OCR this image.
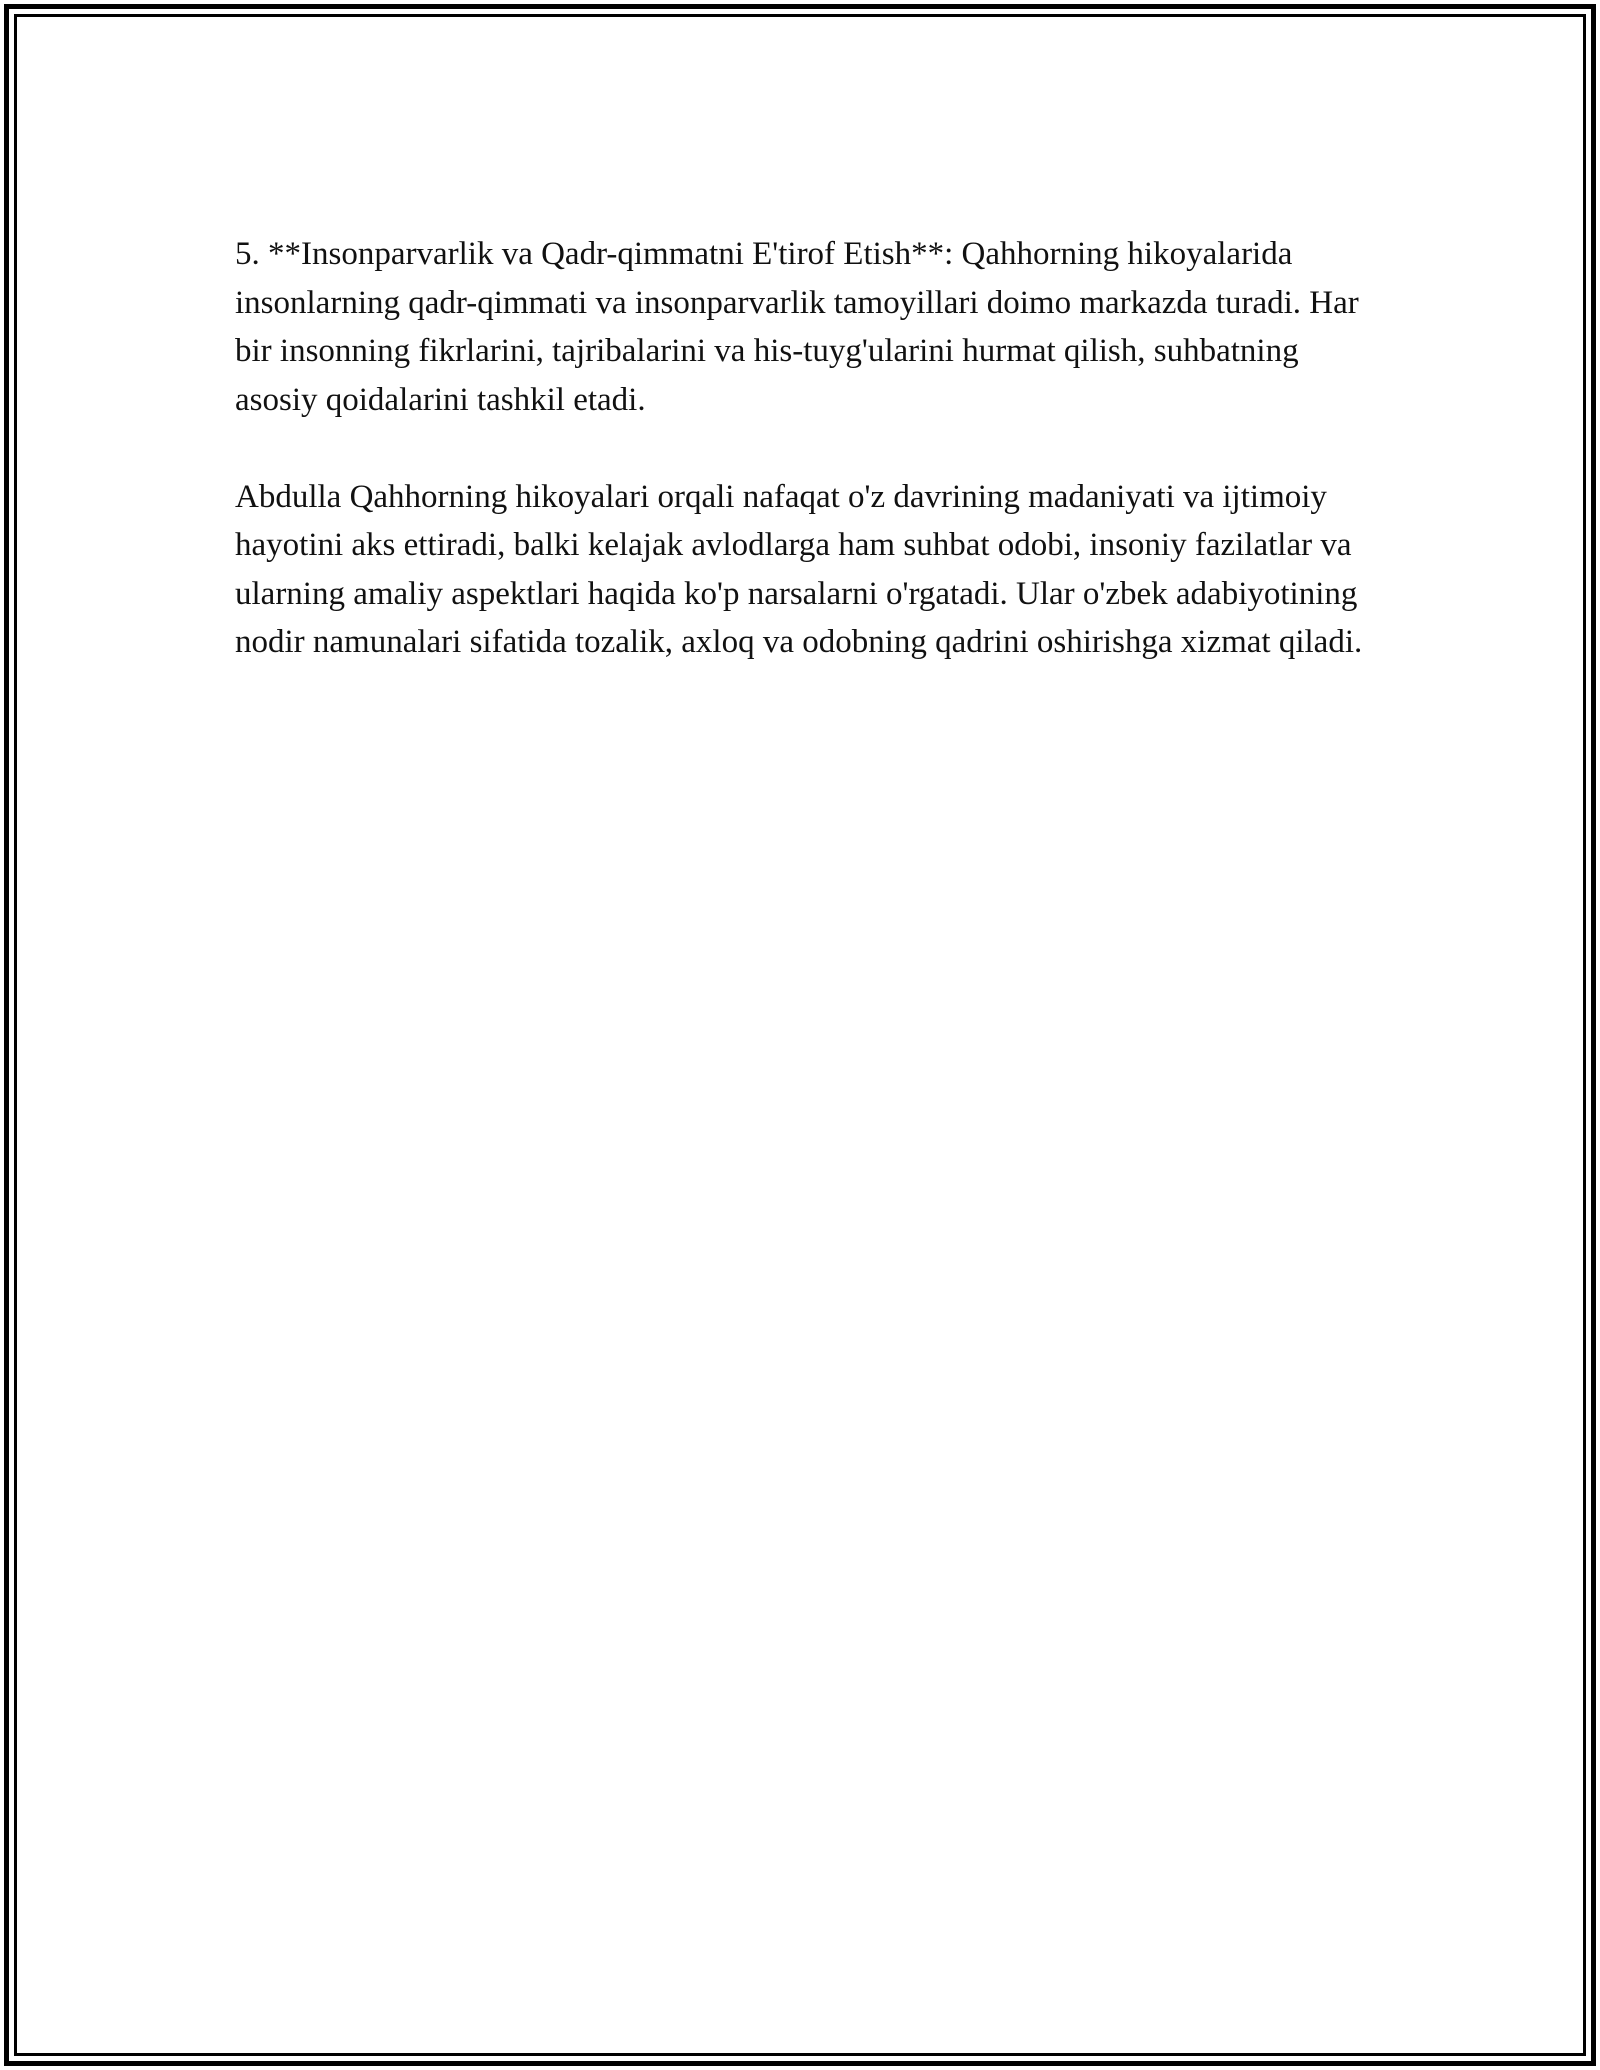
5. **Insonparvarlik va Qadr-qimmatni E'tirof Etish**: Qahhorning hikoyalarida insonlarning qadr-qimmati va insonparvarlik tamoyillari doimo markazda turadi. Har bir insonning fikrlarini, tajribalarini va his-tuyg'ularini hurmat qilish, suhbatning asosiy qoidalarini tashkil etadi.

Abdulla Qahhorning hikoyalari orqali nafaqat o'z davrining madaniyati va ijtimoiy hayotini aks ettiradi, balki kelajak avlodlarga ham suhbat odobi, insoniy fazilatlar va ularning amaliy aspektlari haqida ko'p narsalarni o'rgatadi. Ular o'zbek adabiyotining nodir namunalari sifatida tozalik, axloq va odobning qadrini oshirishga xizmat qiladi.
